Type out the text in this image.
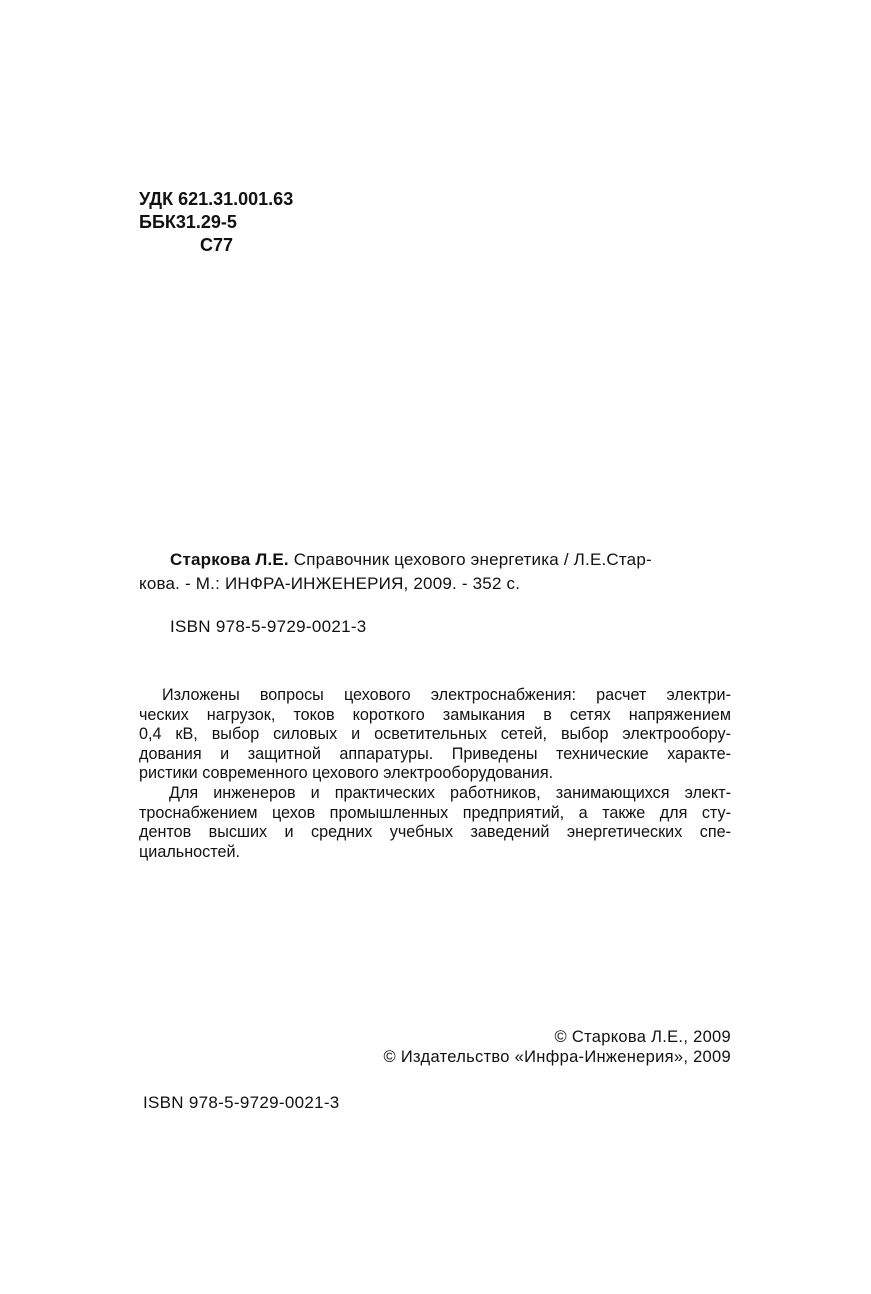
УДК 621.31.001.63
ББК31.29-5
С77
Старкова Л.Е. Справочник цехового энергетика / Л.Е.Стар-
кова. - М.: ИНФРА-ИНЖЕНЕРИЯ, 2009. - 352 с.
ISBN 978-5-9729-0021-3
Изложены вопросы цехового электроснабжения: расчет электри-
ческих нагрузок, токов короткого замыкания в сетях напряжением
0,4 кВ, выбор силовых и осветительных сетей, выбор электрообору-
дования и защитной аппаратуры. Приведены технические характе-
ристики современного цехового электрооборудования.
Для инженеров и практических работников, занимающихся элект-
троснабжением цехов промышленных предприятий, а также для сту-
дентов высших и средних учебных заведений энергетических спе-
циальностей.
© Старкова Л.Е., 2009
© Издательство «Инфра-Инженерия», 2009
ISBN 978-5-9729-0021-3
